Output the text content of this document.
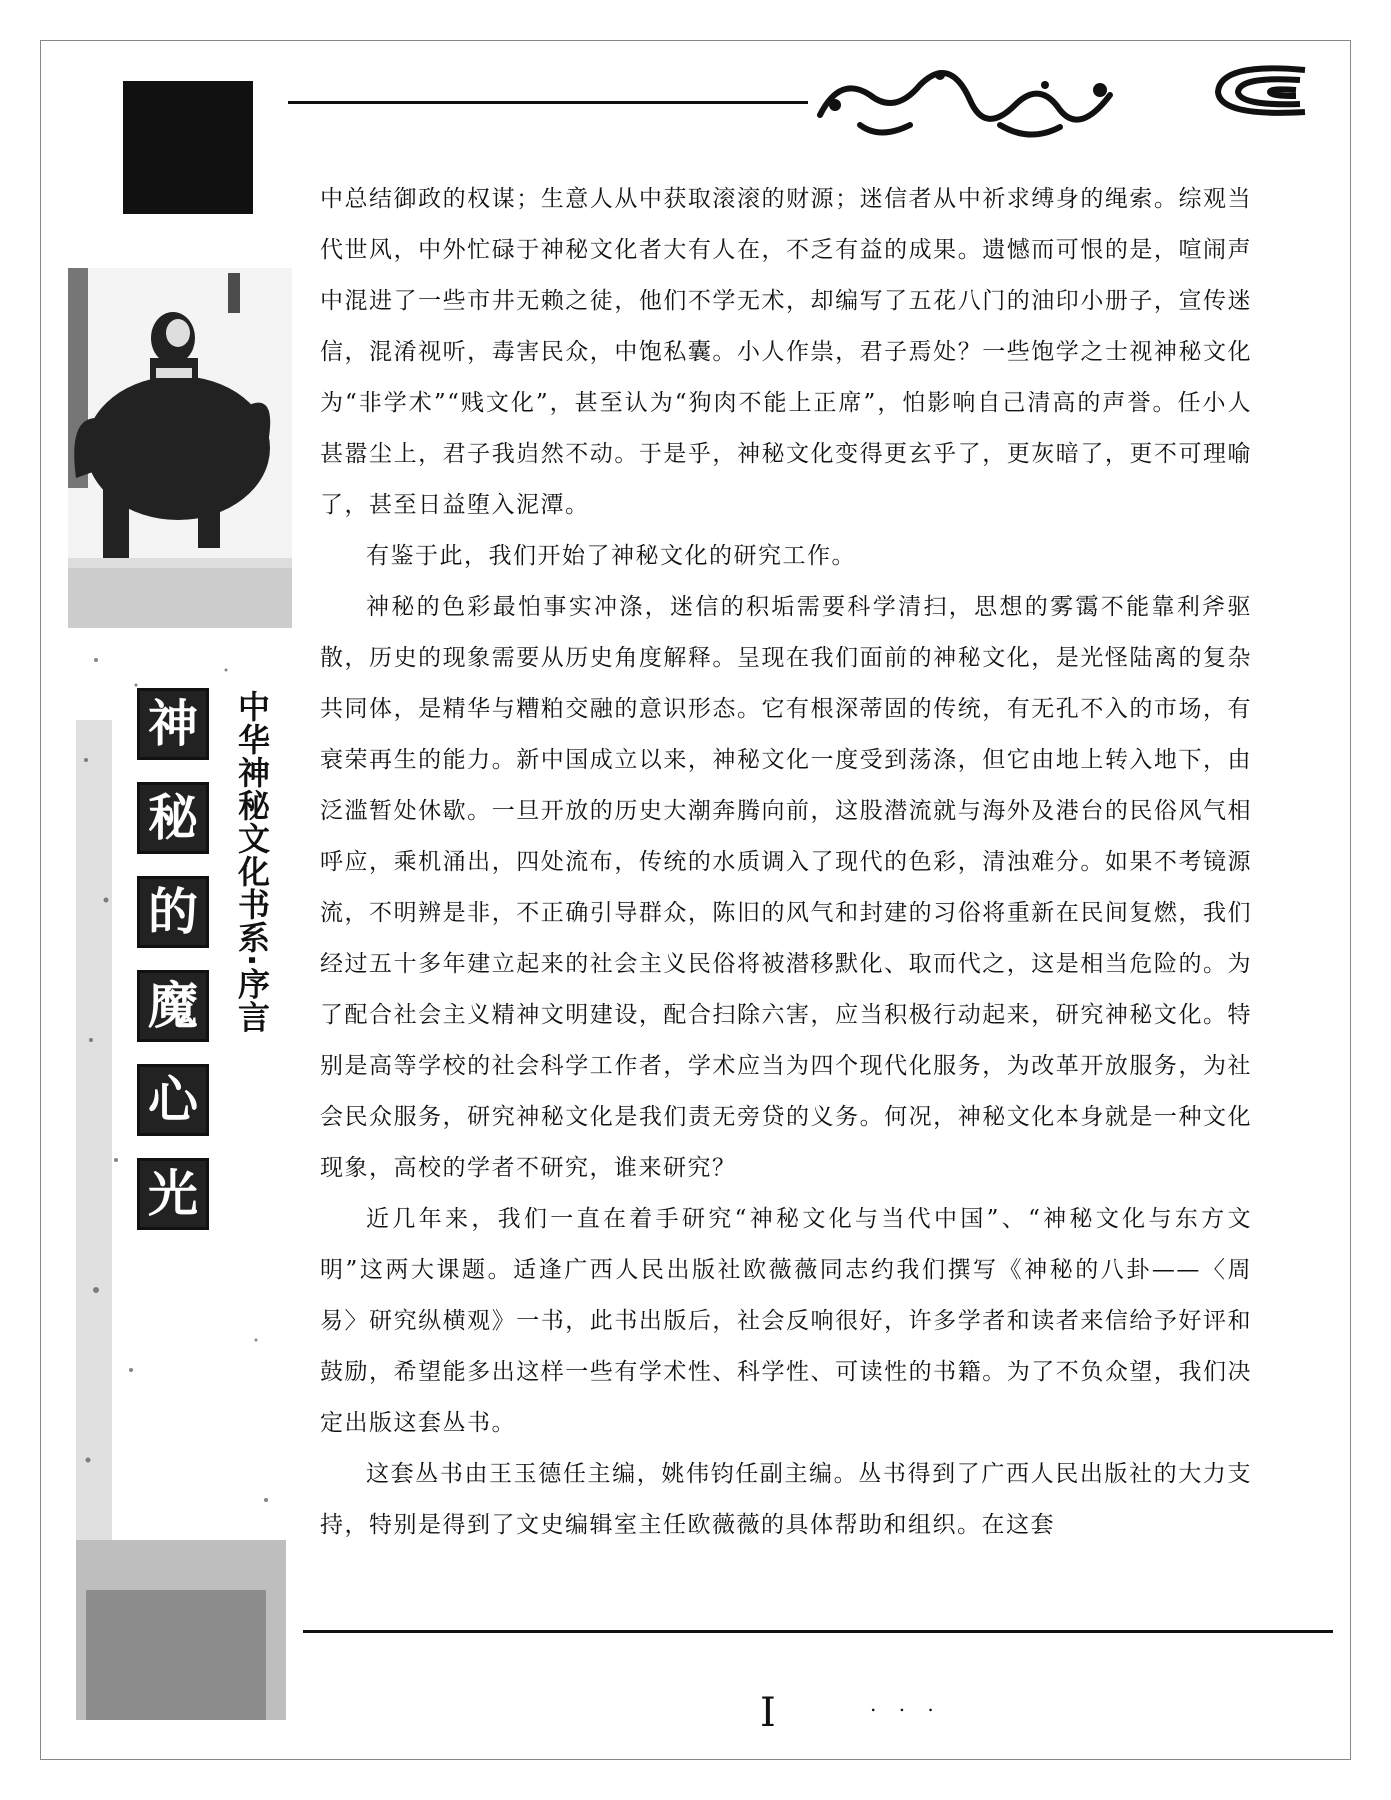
神
秘
的
魔
心
光
中华神秘文化书系·序言

中总结御政的权谋；生意人从中获取滚滚的财源；迷信者从中祈求缚身的绳索。综观当代世风，中外忙碌于神秘文化者大有人在，不乏有益的成果。遗憾而可恨的是，喧闹声中混进了一些市井无赖之徒，他们不学无术，却编写了五花八门的油印小册子，宣传迷信，混淆视听，毒害民众，中饱私囊。小人作祟，君子焉处？一些饱学之士视神秘文化为“非学术”“贱文化”，甚至认为“狗肉不能上正席”，怕影响自己清高的声誉。任小人甚嚣尘上，君子我岿然不动。于是乎，神秘文化变得更玄乎了，更灰暗了，更不可理喻了，甚至日益堕入泥潭。

有鉴于此，我们开始了神秘文化的研究工作。

神秘的色彩最怕事实冲涤，迷信的积垢需要科学清扫，思想的雾霭不能靠利斧驱散，历史的现象需要从历史角度解释。呈现在我们面前的神秘文化，是光怪陆离的复杂共同体，是精华与糟粕交融的意识形态。它有根深蒂固的传统，有无孔不入的市场，有衰荣再生的能力。新中国成立以来，神秘文化一度受到荡涤，但它由地上转入地下，由泛滥暂处休歇。一旦开放的历史大潮奔腾向前，这股潜流就与海外及港台的民俗风气相呼应，乘机涌出，四处流布，传统的水质调入了现代的色彩，清浊难分。如果不考镜源流，不明辨是非，不正确引导群众，陈旧的风气和封建的习俗将重新在民间复燃，我们经过五十多年建立起来的社会主义民俗将被潜移默化、取而代之，这是相当危险的。为了配合社会主义精神文明建设，配合扫除六害，应当积极行动起来，研究神秘文化。特别是高等学校的社会科学工作者，学术应当为四个现代化服务，为改革开放服务，为社会民众服务，研究神秘文化是我们责无旁贷的义务。何况，神秘文化本身就是一种文化现象，高校的学者不研究，谁来研究？

近几年来，我们一直在着手研究“神秘文化与当代中国”、“神秘文化与东方文明”这两大课题。适逢广西人民出版社欧薇薇同志约我们撰写《神秘的八卦——〈周易〉研究纵横观》一书，此书出版后，社会反响很好，许多学者和读者来信给予好评和鼓励，希望能多出这样一些有学术性、科学性、可读性的书籍。为了不负众望，我们决定出版这套丛书。

这套丛书由王玉德任主编，姚伟钧任副主编。丛书得到了广西人民出版社的大力支持，特别是得到了文史编辑室主任欧薇薇的具体帮助和组织。在这套

I	. . .
